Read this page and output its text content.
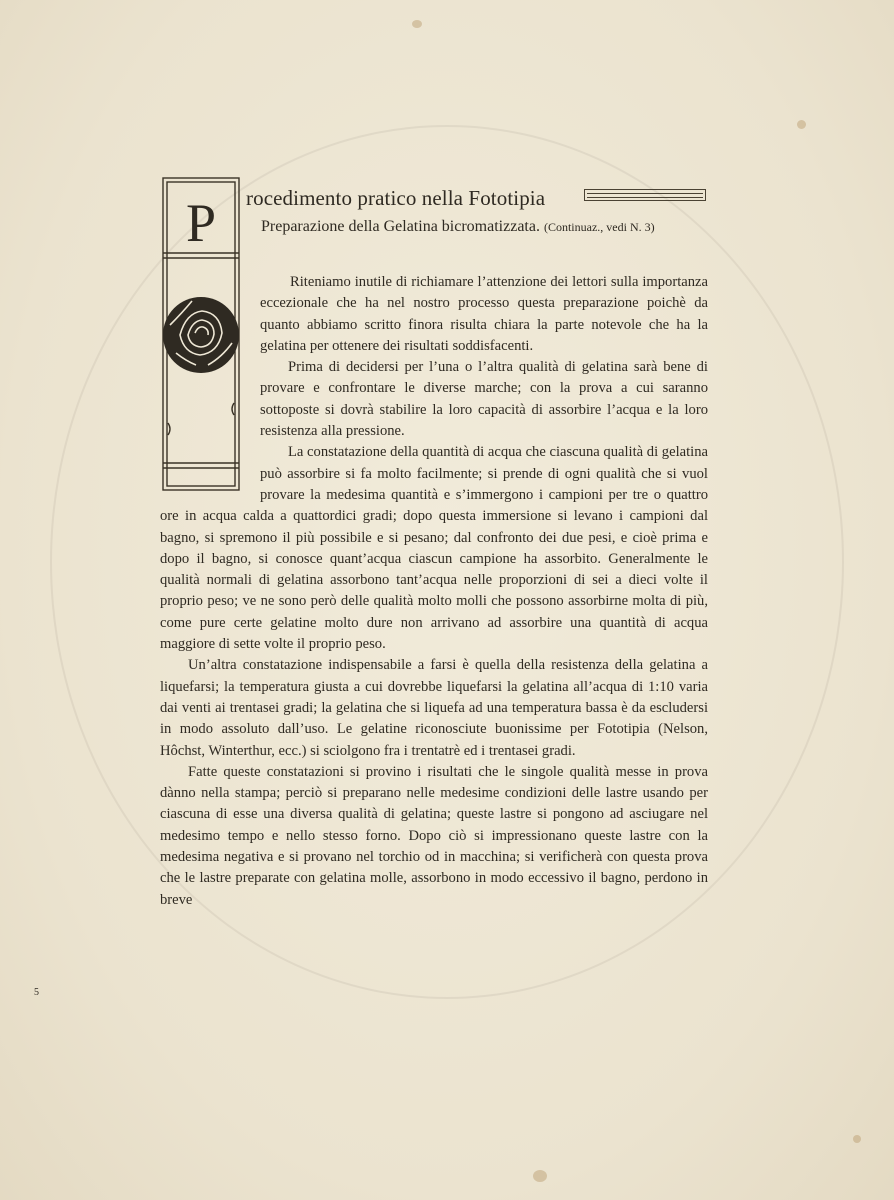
P rocedimento pratico nella Fototipia
Preparazione della Gelatina bicromatizzata. (Continuaz., vedi N. 3)

Riteniamo inutile di richiamare l’attenzione dei lettori sulla importanza eccezionale che ha nel nostro processo questa preparazione poichè da quanto abbiamo scritto finora risulta chiara la parte notevole che ha la gelatina per ottenere dei risultati soddisfacenti.

Prima di decidersi per l’una o l’altra qualità di gelatina sarà bene di provare e confrontare le diverse marche; con la prova a cui saranno sottoposte si dovrà stabilire la loro capacità di assorbire l’acqua e la loro resistenza alla pressione.

La constatazione della quantità di acqua che ciascuna qualità di gelatina può assorbire si fa molto facilmente; si prende di ogni qualità che si vuol provare la medesima quantità e s’immergono i campioni per tre o quattro ore in acqua calda a quattordici gradi; dopo questa immersione si levano i campioni dal bagno, si spremono il più possibile e si pesano; dal confronto dei due pesi, e cioè prima e dopo il bagno, si conosce quant’acqua ciascun campione ha assorbito. Generalmente le qualità normali di gelatina assorbono tant’acqua nelle proporzioni di sei a dieci volte il proprio peso; ve ne sono però delle qualità molto molli che possono assorbirne molta di più, come pure certe gelatine molto dure non arrivano ad assorbire una quantità di acqua maggiore di sette volte il proprio peso.

Un’altra constatazione indispensabile a farsi è quella della resistenza della gelatina a liquefarsi; la temperatura giusta a cui dovrebbe liquefarsi la gelatina all’acqua di 1:10 varia dai venti ai trentasei gradi; la gelatina che si liquefa ad una temperatura bassa è da escludersi in modo assoluto dall’uso. Le gelatine riconosciute buonissime per Fototipia (Nelson, Hôchst, Winterthur, ecc.) si sciolgono fra i trentatrè ed i trentasei gradi.

Fatte queste constatazioni si provino i risultati che le singole qualità messe in prova dànno nella stampa; perciò si preparano nelle medesime condizioni delle lastre usando per ciascuna di esse una diversa qualità di gelatina; queste lastre si pongono ad asciugare nel medesimo tempo e nello stesso forno. Dopo ciò si impressionano queste lastre con la medesima negativa e si provano nel torchio od in macchina; si verificherà con questa prova che le lastre preparate con gelatina molle, assorbono in modo eccessivo il bagno, perdono in breve

5
